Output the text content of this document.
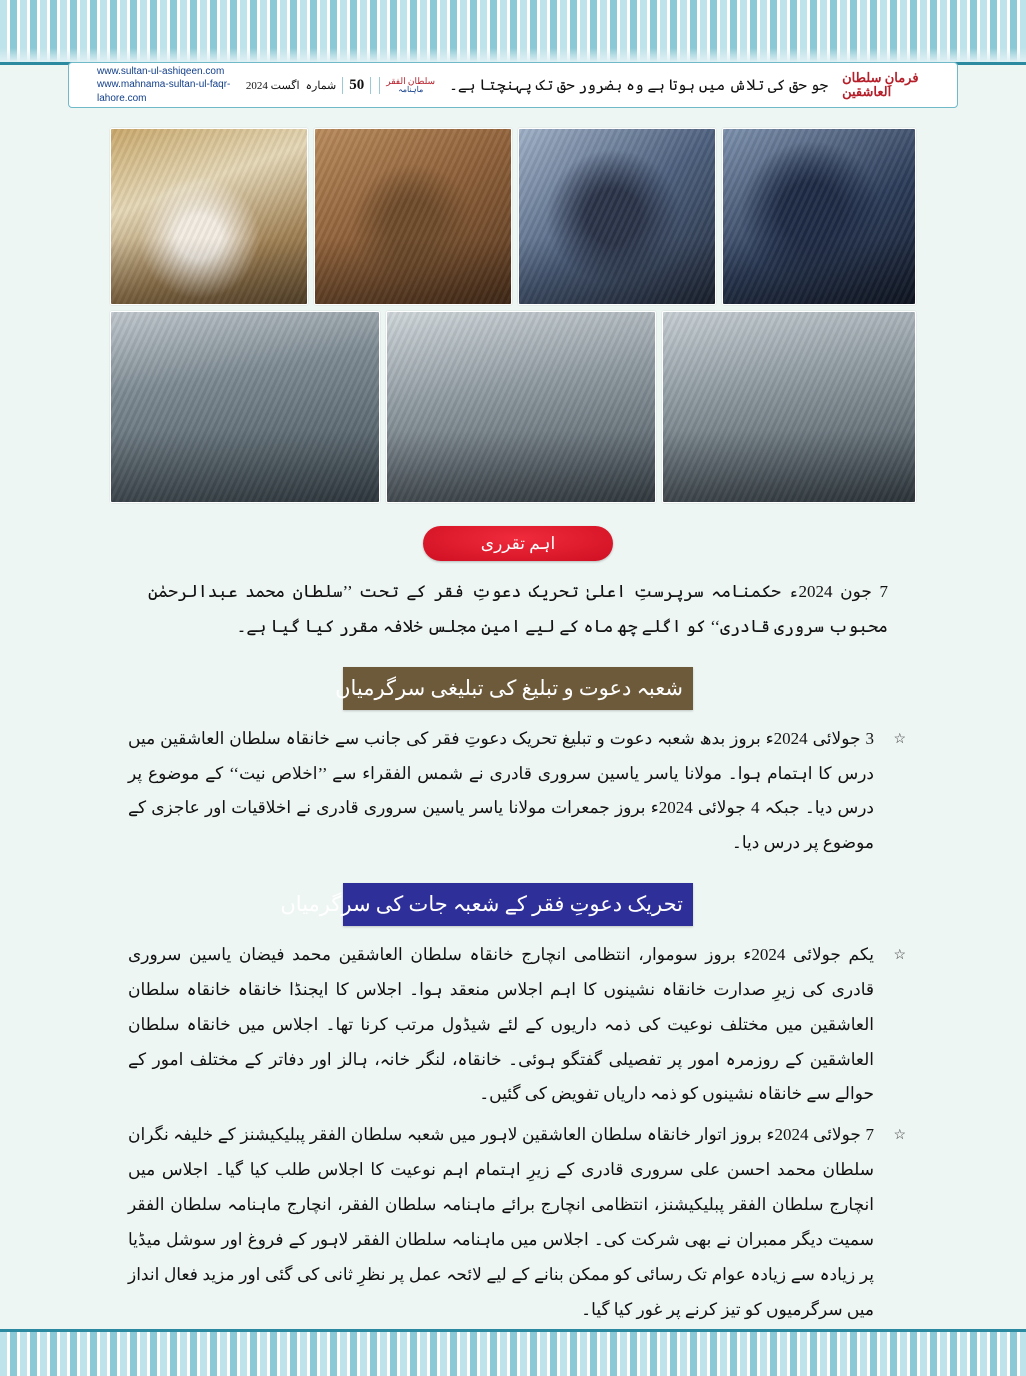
www.sultan-ul-ashiqeen.com
www.mahnama-sultan-ul-faqr-lahore.com
سلطان الفقر
ماہنامہ
50
شمارہ
اگست 2024	جو حق کی تلاش میں ہوتا ہے وہ بضرور حق تک پہنچتا ہے۔	فرمانِ سلطان العاشقین
اہم تقرری

7 جون 2024ء حکمنامہ سرپرستِ اعلیٰ تحریک دعوتِ فقر کے تحت ’’سلطان محمد عبدالرحمٰن محبوب سروری قادری‘‘ کو اگلے چھ ماہ کے لیے امین مجلس خلافہ مقرر کیا گیا ہے۔

شعبہ دعوت و تبلیغ کی تبلیغی سرگرمیاں
☆
3 جولائی 2024ء بروز بدھ شعبہ دعوت و تبلیغ تحریک دعوتِ فقر کی جانب سے خانقاہ سلطان العاشقین میں درس کا اہتمام ہوا۔ مولانا یاسر یاسین سروری قادری نے شمس الفقراء سے ’’اخلاص نیت‘‘ کے موضوع پر درس دیا۔ جبکہ 4 جولائی 2024ء بروز جمعرات مولانا یاسر یاسین سروری قادری نے اخلاقیات اور عاجزی کے موضوع پر درس دیا۔
تحریک دعوتِ فقر کے شعبہ جات کی سرگرمیاں
☆
یکم جولائی 2024ء بروز سوموار، انتظامی انچارج خانقاہ سلطان العاشقین محمد فیضان یاسین سروری قادری کی زیرِ صدارت خانقاہ نشینوں کا اہم اجلاس منعقد ہوا۔ اجلاس کا ایجنڈا خانقاہ خانقاہ سلطان العاشقین میں مختلف نوعیت کی ذمہ داریوں کے لئے شیڈول مرتب کرنا تھا۔ اجلاس میں خانقاہ سلطان العاشقین کے روزمرہ امور پر تفصیلی گفتگو ہوئی۔ خانقاہ، لنگر خانہ، ہالز اور دفاتر کے مختلف امور کے حوالے سے خانقاہ نشینوں کو ذمہ داریاں تفویض کی گئیں۔
☆
7 جولائی 2024ء بروز اتوار خانقاہ سلطان العاشقین لاہور میں شعبہ سلطان الفقر پبلیکیشنز کے خلیفہ نگران سلطان محمد احسن علی سروری قادری کے زیرِ اہتمام اہم نوعیت کا اجلاس طلب کیا گیا۔ اجلاس میں انچارج سلطان الفقر پبلیکیشنز، انتظامی انچارج برائے ماہنامہ سلطان الفقر، انچارج ماہنامہ سلطان الفقر سمیت دیگر ممبران نے بھی شرکت کی۔ اجلاس میں ماہنامہ سلطان الفقر لاہور کے فروغ اور سوشل میڈیا پر زیادہ سے زیادہ عوام تک رسائی کو ممکن بنانے کے لیے لائحہ عمل پر نظرِ ثانی کی گئی اور مزید فعال انداز میں سرگرمیوں کو تیز کرنے پر غور کیا گیا۔
